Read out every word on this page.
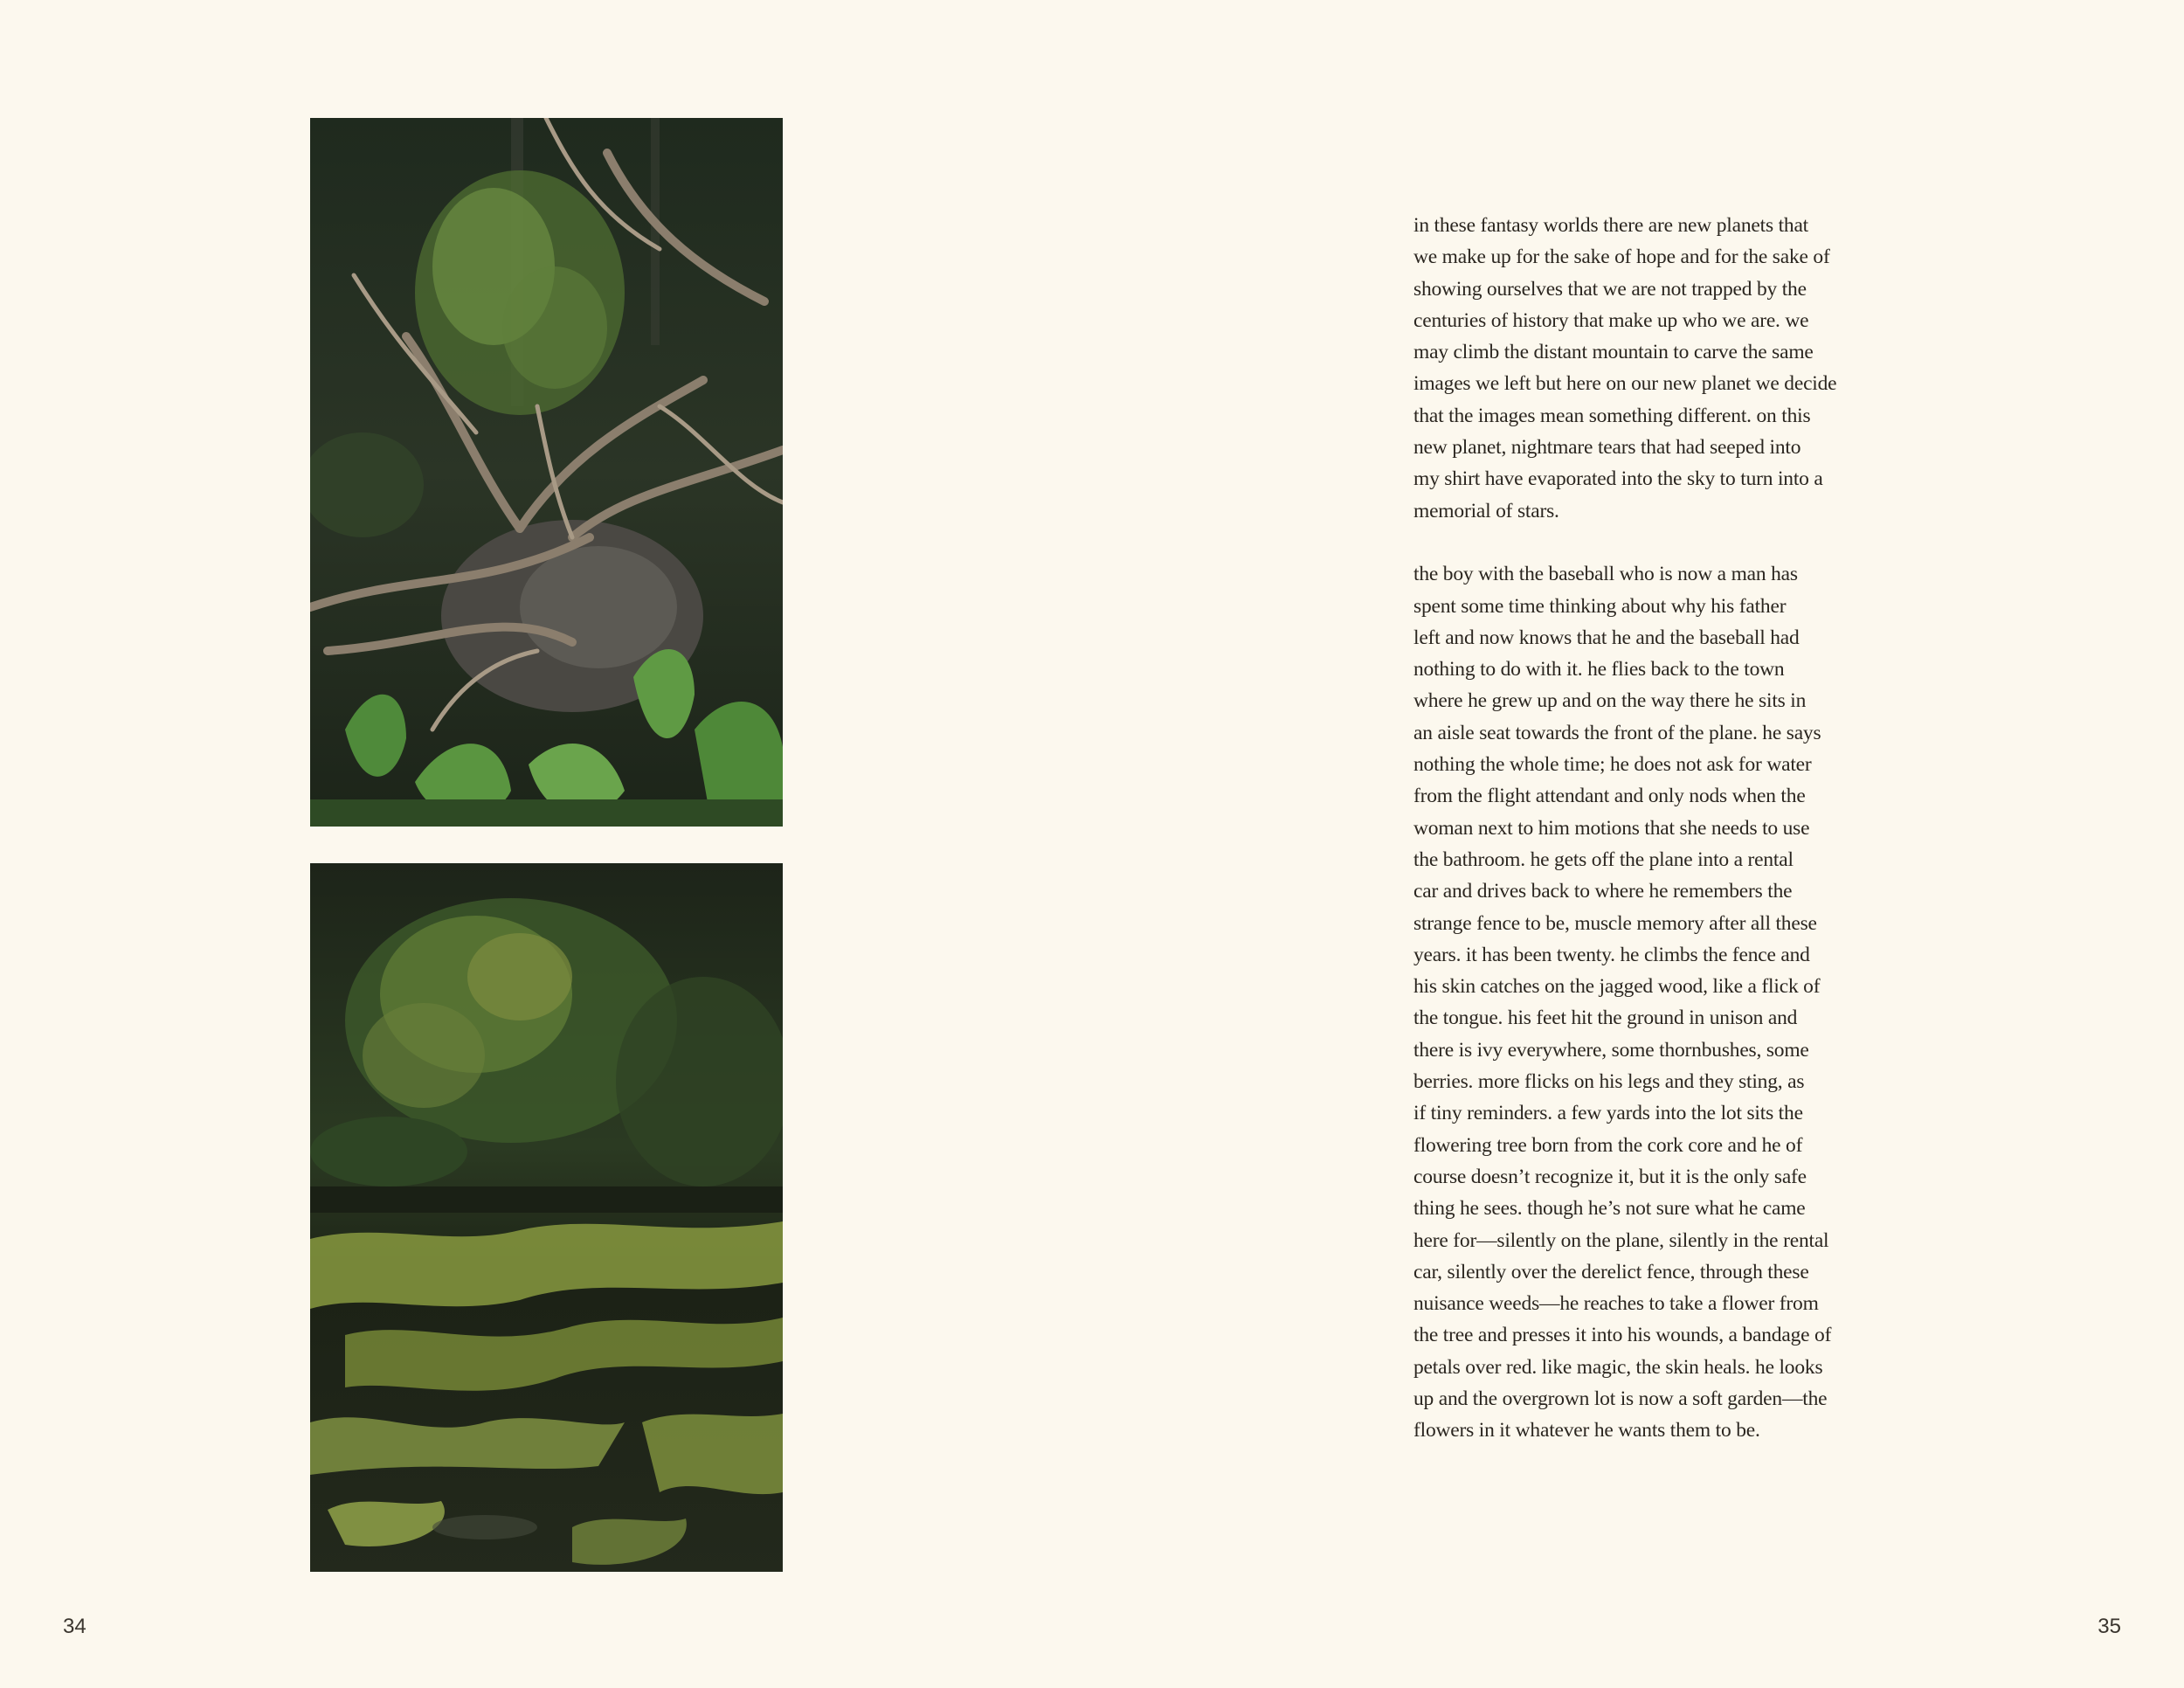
in these fantasy worlds there are new planets that
we make up for the sake of hope and for the sake of
showing ourselves that we are not trapped by the
centuries of history that make up who we are. we
may climb the distant mountain to carve the same
images we left but here on our new planet we decide
that the images mean something different. on this
new planet, nightmare tears that had seeped into
my shirt have evaporated into the sky to turn into a
memorial of stars.

the boy with the baseball who is now a man has
spent some time thinking about why his father
left and now knows that he and the baseball had
nothing to do with it. he flies back to the town
where he grew up and on the way there he sits in
an aisle seat towards the front of the plane. he says
nothing the whole time; he does not ask for water
from the flight attendant and only nods when the
woman next to him motions that she needs to use
the bathroom. he gets off the plane into a rental
car and drives back to where he remembers the
strange fence to be, muscle memory after all these
years. it has been twenty. he climbs the fence and
his skin catches on the jagged wood, like a flick of
the tongue. his feet hit the ground in unison and
there is ivy everywhere, some thornbushes, some
berries. more flicks on his legs and they sting, as
if tiny reminders. a few yards into the lot sits the
flowering tree born from the cork core and he of
course doesn’t recognize it, but it is the only safe
thing he sees. though he’s not sure what he came
here for—silently on the plane, silently in the rental
car, silently over the derelict fence, through these
nuisance weeds—he reaches to take a flower from
the tree and presses it into his wounds, a bandage of
petals over red. like magic, the skin heals. he looks
up and the overgrown lot is now a soft garden—the
flowers in it whatever he wants them to be.

34	35
